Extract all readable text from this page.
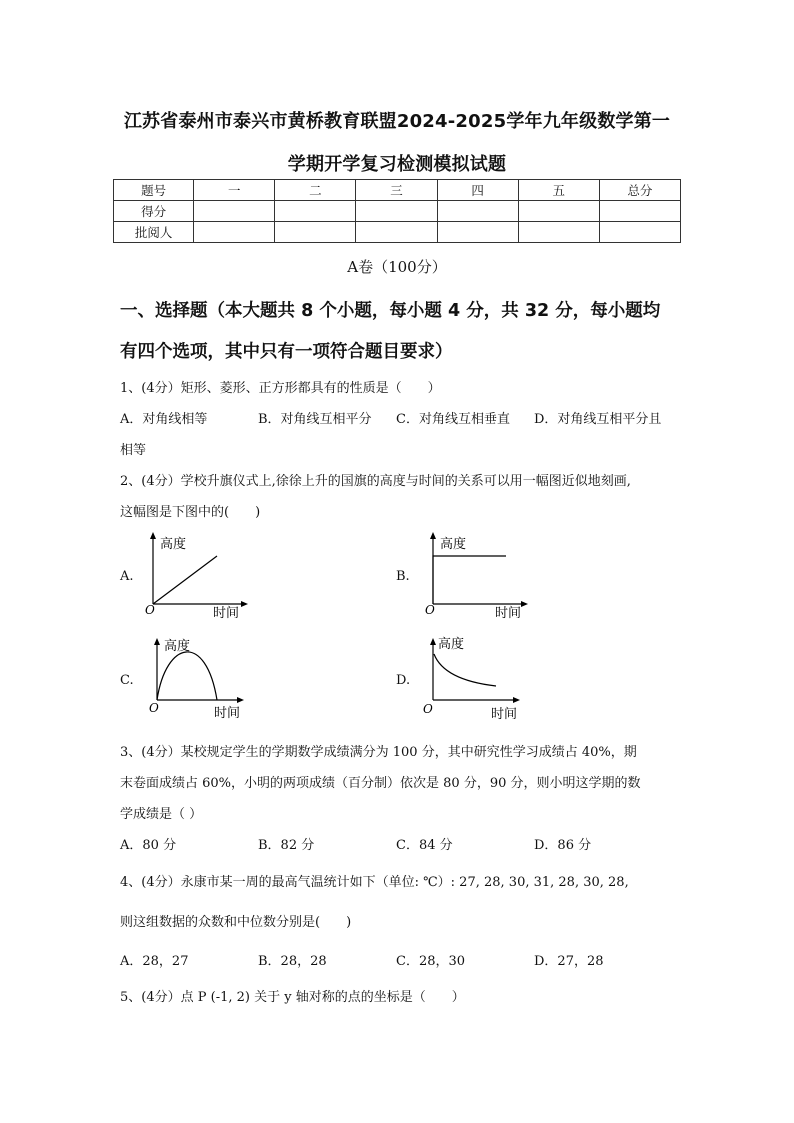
江苏省泰州市泰兴市黄桥教育联盟2024-2025学年九年级数学第一
学期开学复习检测模拟试题
题号	一	二	三	四	五	总分
得分						
批阅人						
A卷（100分）
一、选择题（本大题共 8 个小题，每小题 4 分，共 32 分，每小题均
有四个选项，其中只有一项符合题目要求）
1、(4分）矩形、菱形、正方形都具有的性质是（　　）
A．对角线相等	B．对角线互相平分 C．对角线互相垂直 D．对角线互相平分且
相等
2、(4分）学校升旗仪式上,徐徐上升的国旗的高度与时间的关系可以用一幅图近似地刻画,
这幅图是下图中的(　　)
A.
高度
时间
O
B.
高度
时间
O
C.
高度
时间
O
D.
高度
时间
O
3、(4分）某校规定学生的学期数学成绩满分为 100 分，其中研究性学习成绩占 40%，期
末卷面成绩占 60%，小明的两项成绩（百分制）依次是 80 分，90 分，则小明这学期的数
学成绩是（ ）
A．80 分	B．82 分	C．84 分	D．86 分
4、(4分）永康市某一周的最高气温统计如下（单位: ℃）: 27, 28, 30, 31, 28, 30, 28,
则这组数据的众数和中位数分别是(　　)
A．28，27	B．28，28	C．28，30	D．27，28
5、(4分）点 P (-1, 2) 关于 y 轴对称的点的坐标是（　　）
